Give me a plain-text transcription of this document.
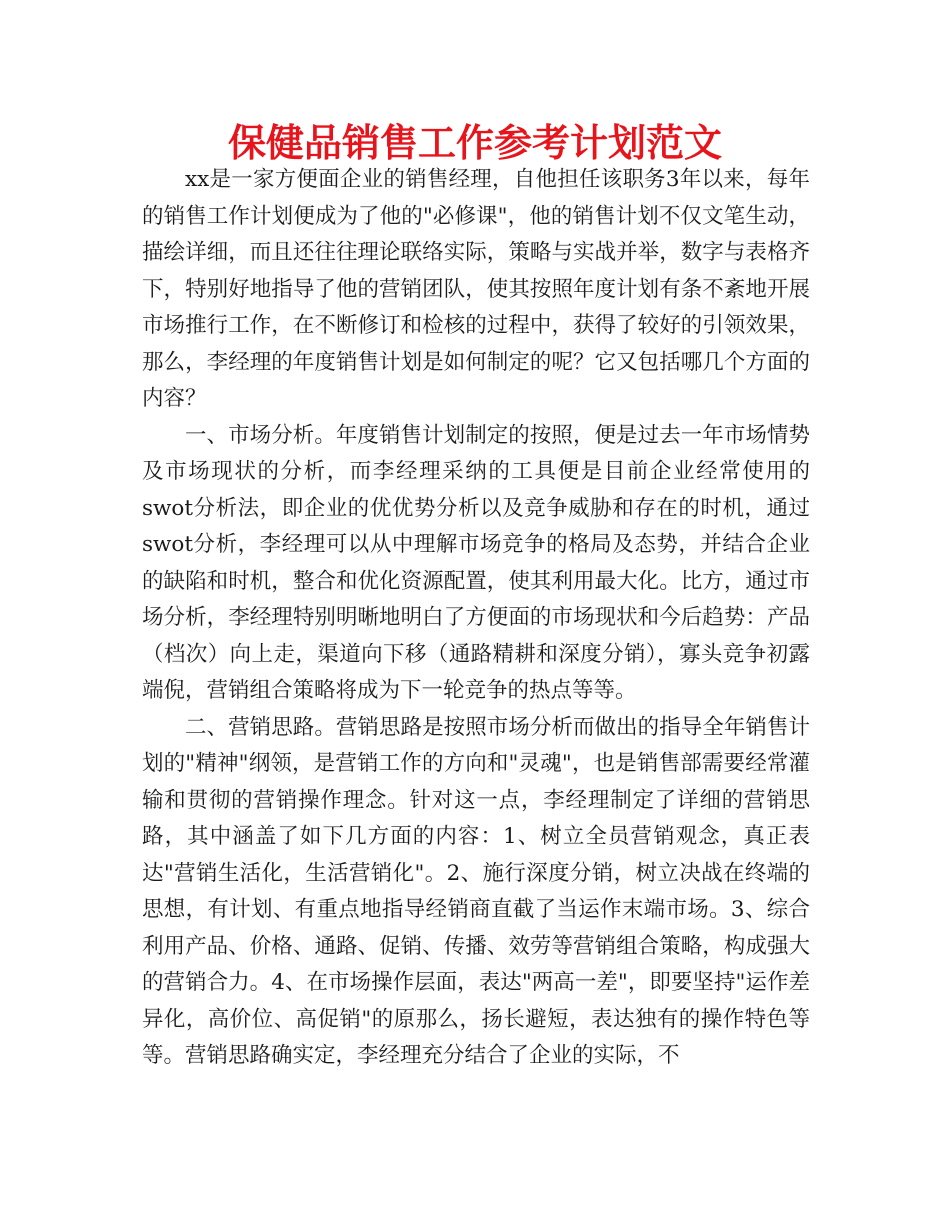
保健品销售工作参考计划范文

xx是一家方便面企业的销售经理，自他担任该职务3年以来，每年的销售工作计划便成为了他的"必修课"，他的销售计划不仅文笔生动，描绘详细，而且还往往理论联络实际，策略与实战并举，数字与表格齐下，特别好地指导了他的营销团队，使其按照年度计划有条不紊地开展市场推行工作，在不断修订和检核的过程中，获得了较好的引领效果，那么，李经理的年度销售计划是如何制定的呢？它又包括哪几个方面的内容？

一、市场分析。年度销售计划制定的按照，便是过去一年市场情势及市场现状的分析，而李经理采纳的工具便是目前企业经常使用的swot分析法，即企业的优优势分析以及竞争威胁和存在的时机，通过swot分析，李经理可以从中理解市场竞争的格局及态势，并结合企业的缺陷和时机，整合和优化资源配置，使其利用最大化。比方，通过市场分析，李经理特别明晰地明白了方便面的市场现状和今后趋势：产品（档次）向上走，渠道向下移（通路精耕和深度分销），寡头竞争初露端倪，营销组合策略将成为下一轮竞争的热点等等。

二、营销思路。营销思路是按照市场分析而做出的指导全年销售计划的"精神"纲领，是营销工作的方向和"灵魂"，也是销售部需要经常灌输和贯彻的营销操作理念。针对这一点，李经理制定了详细的营销思路，其中涵盖了如下几方面的内容：1、树立全员营销观念，真正表达"营销生活化，生活营销化"。2、施行深度分销，树立决战在终端的思想，有计划、有重点地指导经销商直截了当运作末端市场。3、综合利用产品、价格、通路、促销、传播、效劳等营销组合策略，构成强大的营销合力。4、在市场操作层面，表达"两高一差"，即要坚持"运作差异化，高价位、高促销"的原那么，扬长避短，表达独有的操作特色等等。营销思路确实定，李经理充分结合了企业的实际，不
